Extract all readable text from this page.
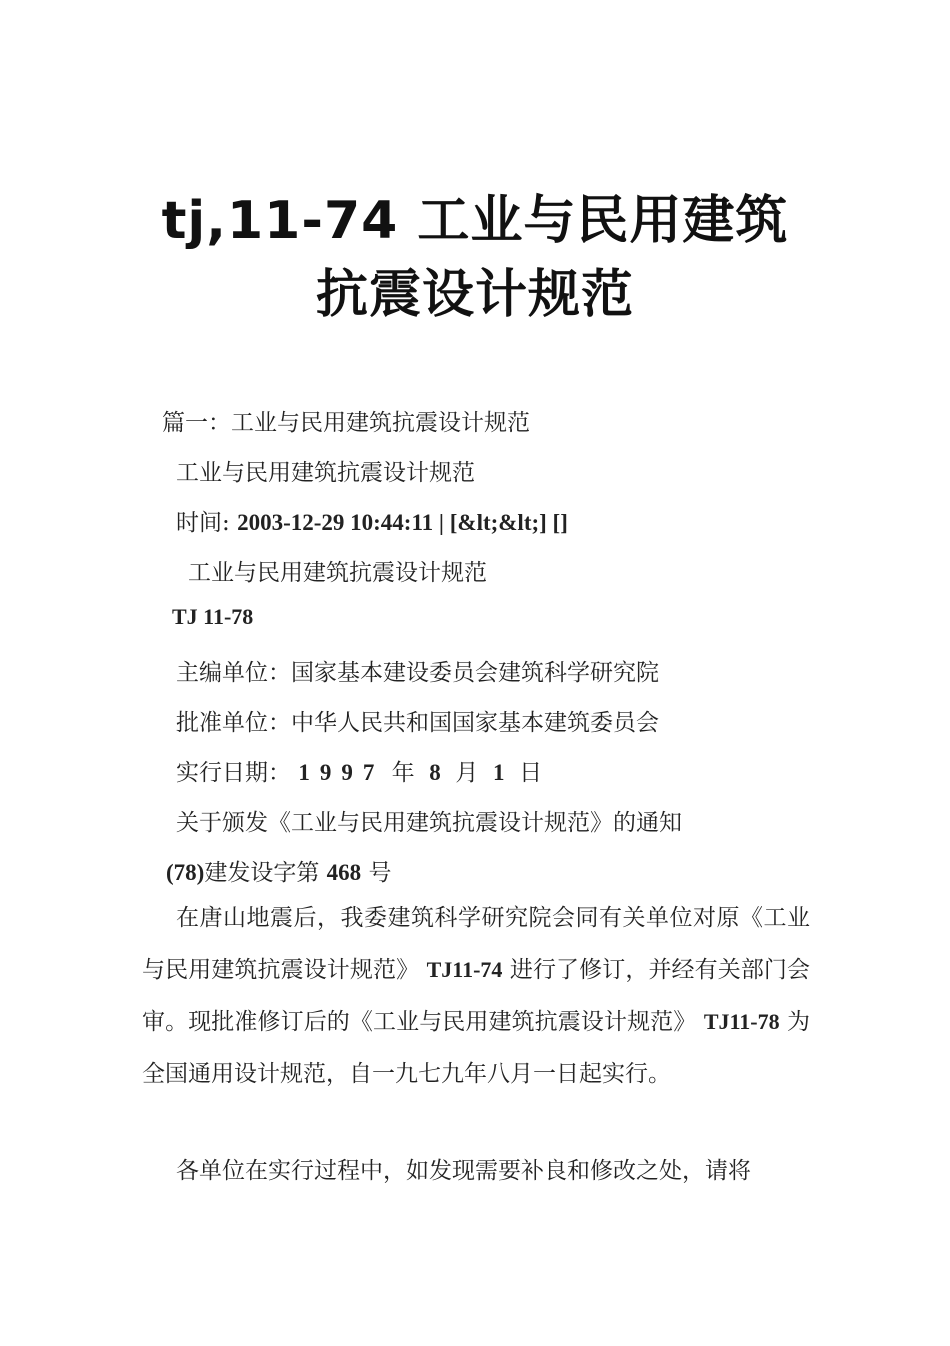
tj,11-74 工业与民用建筑
抗震设计规范
篇一：工业与民用建筑抗震设计规范
工业与民用建筑抗震设计规范
时间: 2003-12-29 10:44:11 | [&lt;&lt;] []
工业与民用建筑抗震设计规范
TJ 11-78
主编单位：国家基本建设委员会建筑科学研究院
批准单位：中华人民共和国国家基本建筑委员会
实行日期： 1997 年 8 月 1 日
关于颁发《工业与民用建筑抗震设计规范》的通知
(78)建发设字第 468 号
在唐山地震后，我委建筑科学研究院会同有关单位对原《工业与民用建筑抗震设计规范》 TJ11-74 进行了修订，并经有关部门会审。现批准修订后的《工业与民用建筑抗震设计规范》 TJ11-78 为全国通用设计规范，自一九七九年八月一日起实行。
各单位在实行过程中，如发现需要补良和修改之处，请将
